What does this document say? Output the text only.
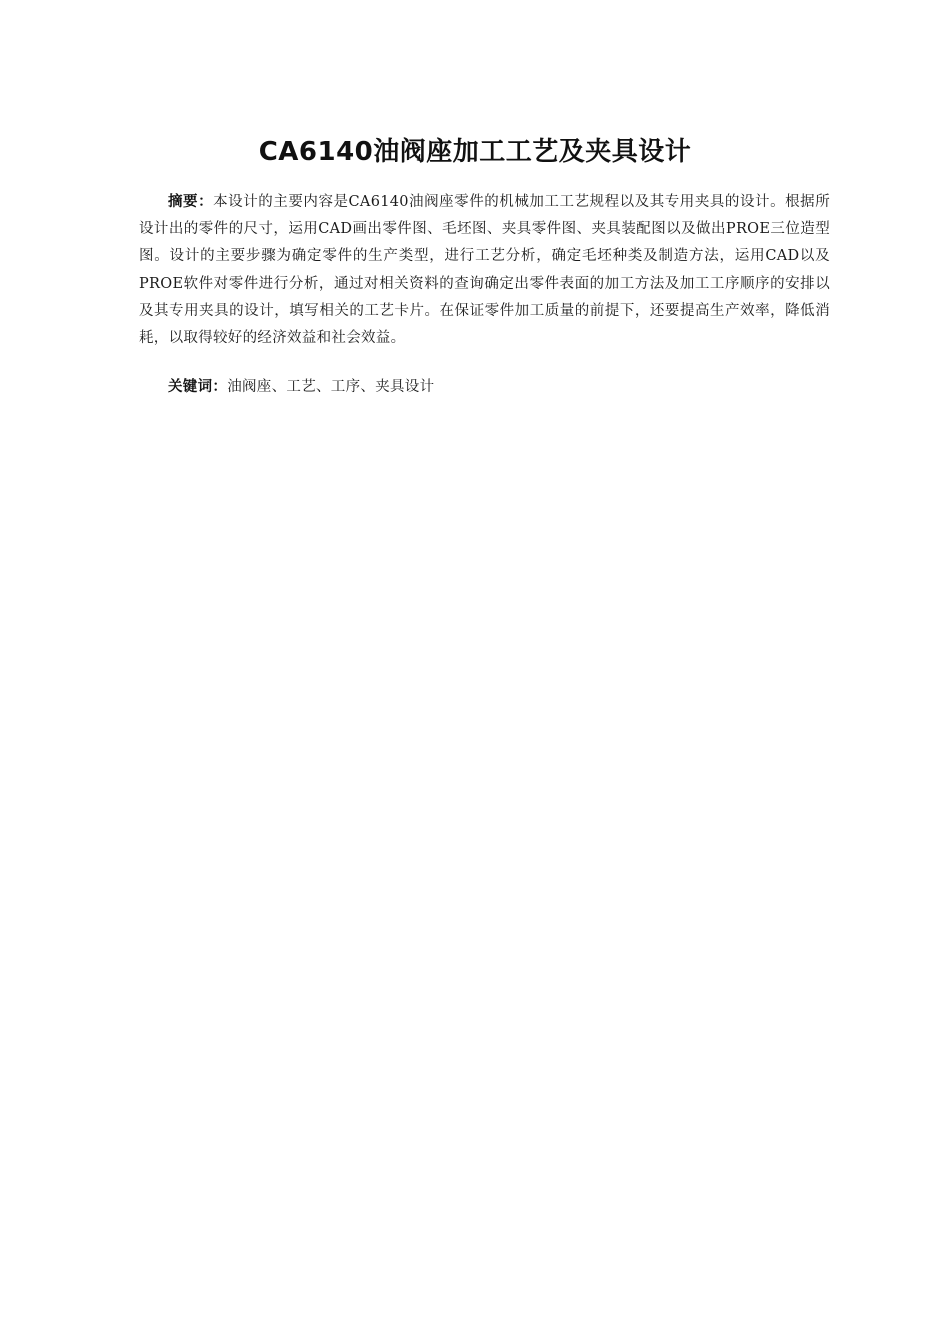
CA6140油阀座加工工艺及夹具设计

摘要：本设计的主要内容是CA6140油阀座零件的机械加工工艺规程以及其专用夹具的设计。根据所设计出的零件的尺寸，运用CAD画出零件图、毛坯图、夹具零件图、夹具装配图以及做出PROE三位造型图。设计的主要步骤为确定零件的生产类型，进行工艺分析，确定毛坯种类及制造方法，运用CAD以及PROE软件对零件进行分析，通过对相关资料的查询确定出零件表面的加工方法及加工工序顺序的安排以及其专用夹具的设计，填写相关的工艺卡片。在保证零件加工质量的前提下，还要提高生产效率，降低消耗，以取得较好的经济效益和社会效益。

关键词：油阀座、工艺、工序、夹具设计
